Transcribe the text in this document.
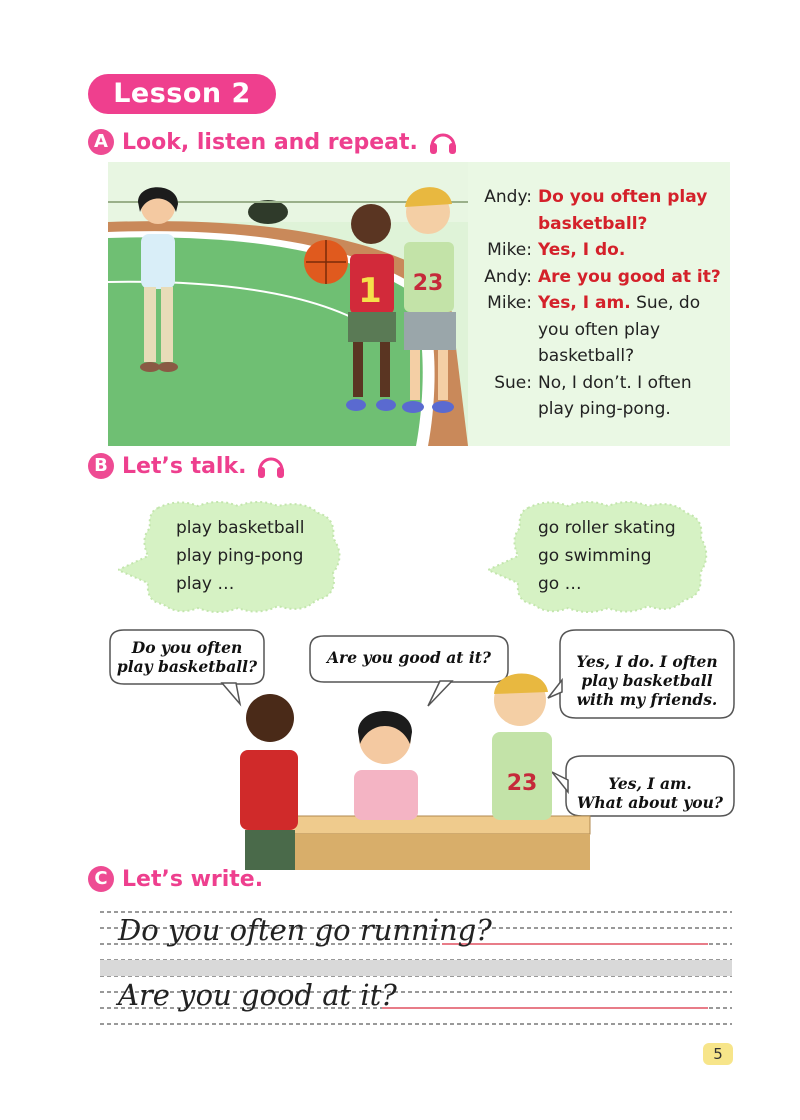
Lesson 2
A Look, listen and repeat.
1 23
Andy: Do you often play
basketball?
Mike: Yes, I do.
Andy: Are you good at it?
Mike: Yes, I am. Sue, do
you often play
basketball?
Sue: No, I don’t. I often
play ping-pong.
B Let’s talk.
play basketball
play ping-pong
play …
go roller skating
go swimming
go …
23
Do you often
play basketball?	Are you good at it?	Yes, I do. I often
play basketball
with my friends.
Yes, I am.
What about you?
C Let’s write.
Do you often go running?
Are you good at it?
5
